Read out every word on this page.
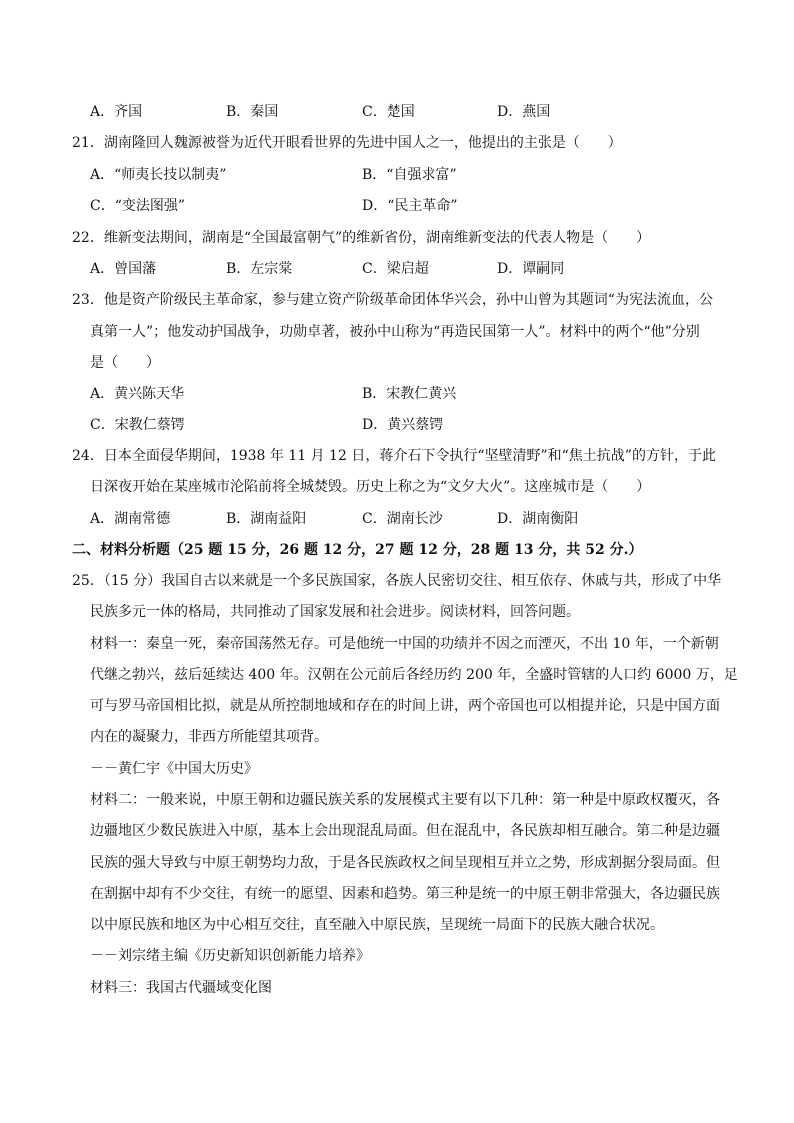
A．齐国	B．秦国	C．楚国	D．燕国
21．湖南隆回人魏源被誉为近代开眼看世界的先进中国人之一，他提出的主张是（　　）
A．“师夷长技以制夷”	B．“自强求富”
C．“变法图强”	D．“民主革命”
22．维新变法期间，湖南是“全国最富朝气”的维新省份，湖南维新变法的代表人物是（　　）
A．曾国藩	B．左宗棠	C．梁启超	D．谭嗣同
23．他是资产阶级民主革命家，参与建立资产阶级革命团体华兴会，孙中山曾为其题词“为宪法流血，公
真第一人”；他发动护国战争，功勋卓著，被孙中山称为“再造民国第一人”。材料中的两个“他”分别
是（　　）
A．黄兴陈天华	B．宋教仁黄兴
C．宋教仁蔡锷	D．黄兴蔡锷
24．日本全面侵华期间，1938 年 11 月 12 日，蒋介石下令执行“坚壁清野”和“焦土抗战”的方针，于此
日深夜开始在某座城市沦陷前将全城焚毁。历史上称之为“文夕大火”。这座城市是（　　）
A．湖南常德	B．湖南益阳	C．湖南长沙	D．湖南衡阳
二、材料分析题（25 题 15 分，26 题 12 分，27 题 12 分，28 题 13 分，共 52 分.）
25．（15 分）我国自古以来就是一个多民族国家，各族人民密切交往、相互依存、休戚与共，形成了中华
民族多元一体的格局，共同推动了国家发展和社会进步。阅读材料，回答问题。
材料一：秦皇一死，秦帝国荡然无存。可是他统一中国的功绩并不因之而湮灭，不出 10 年，一个新朝
代继之勃兴，兹后延续达 400 年。汉朝在公元前后各经历约 200 年，全盛时管辖的人口约 6000 万，足
可与罗马帝国相比拟，就是从所控制地域和存在的时间上讲，两个帝国也可以相提并论，只是中国方面
内在的凝聚力，非西方所能望其项背。
－－黄仁宇《中国大历史》
材料二：一般来说，中原王朝和边疆民族关系的发展模式主要有以下几种：第一种是中原政权覆灭，各
边疆地区少数民族进入中原，基本上会出现混乱局面。但在混乱中，各民族却相互融合。第二种是边疆
民族的强大导致与中原王朝势均力敌，于是各民族政权之间呈现相互并立之势，形成割据分裂局面。但
在割据中却有不少交往，有统一的愿望、因素和趋势。第三种是统一的中原王朝非常强大，各边疆民族
以中原民族和地区为中心相互交往，直至融入中原民族，呈现统一局面下的民族大融合状况。
－－刘宗绪主编《历史新知识创新能力培养》
材料三：我国古代疆域变化图
